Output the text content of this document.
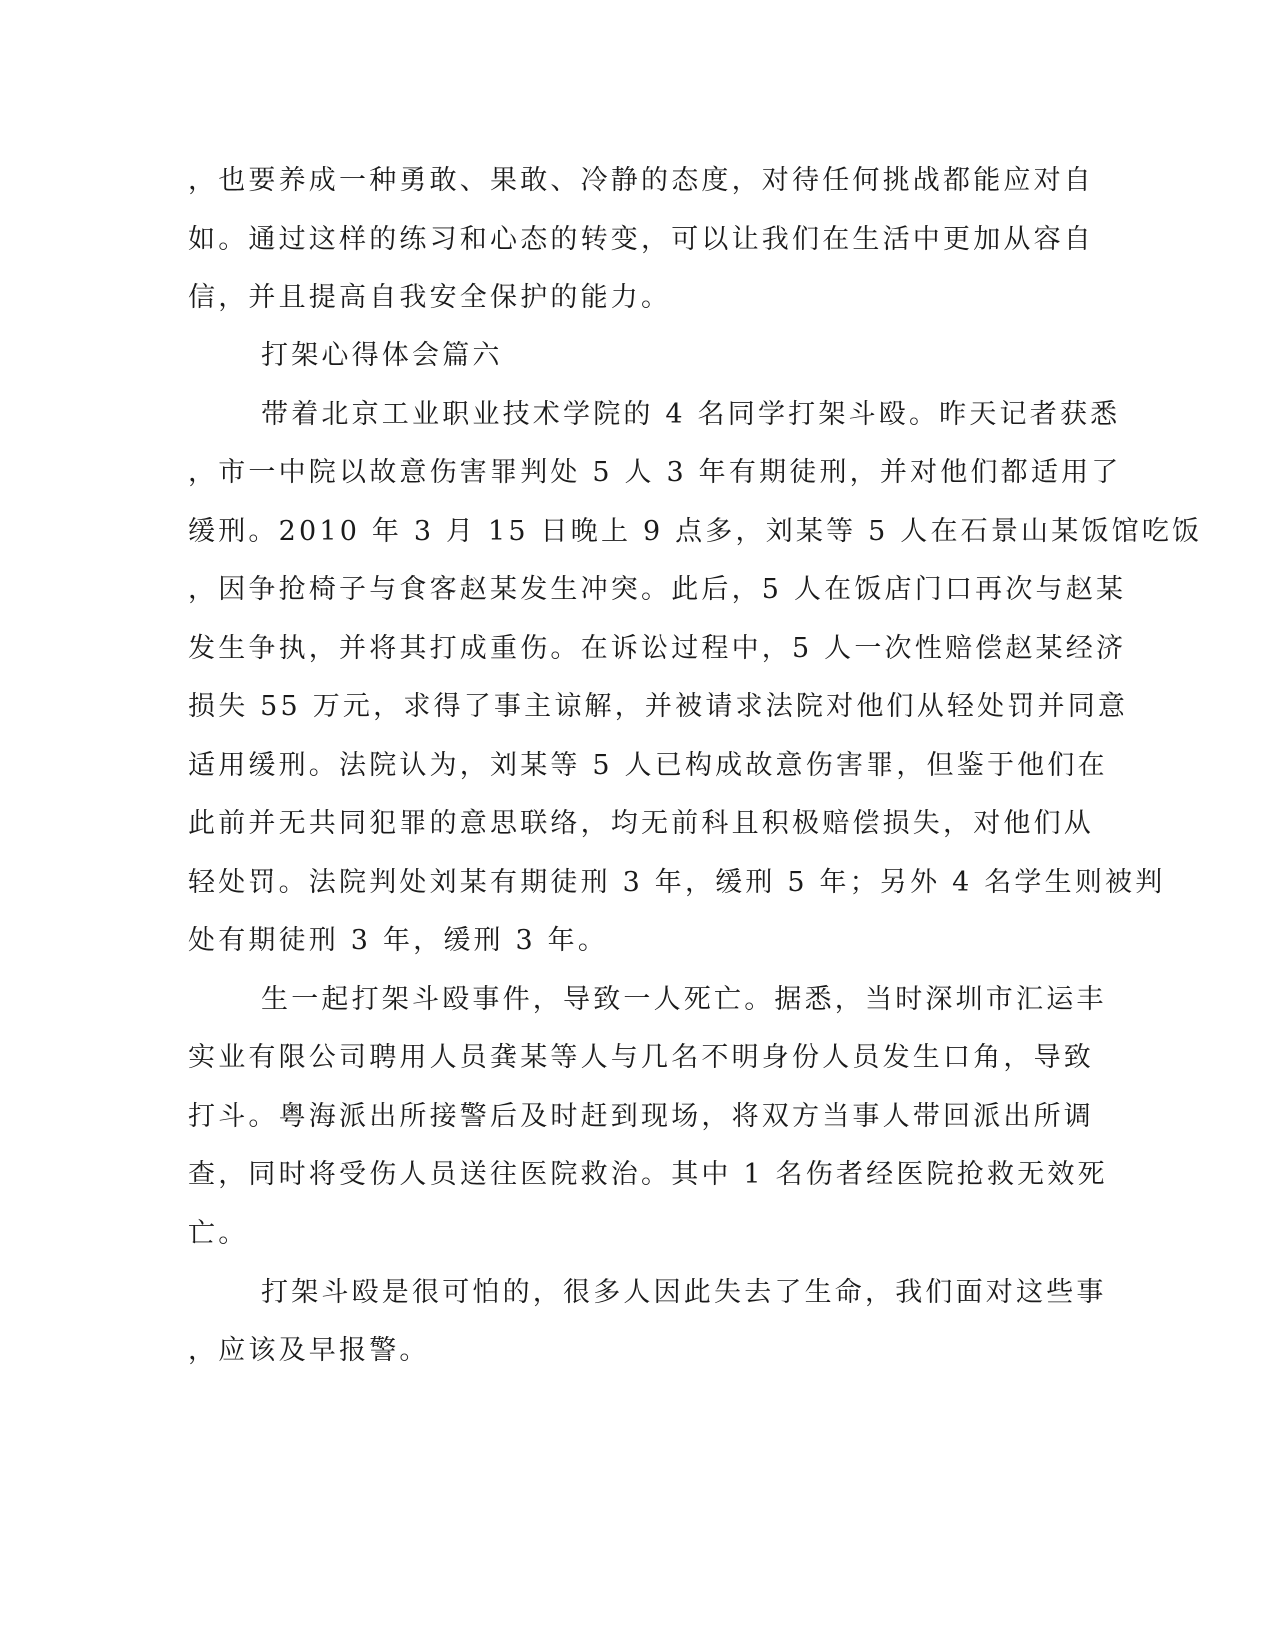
，也要养成一种勇敢、果敢、冷静的态度，对待任何挑战都能应对自
如。通过这样的练习和心态的转变，可以让我们在生活中更加从容自
信，并且提高自我安全保护的能力。
打架心得体会篇六
带着北京工业职业技术学院的 4 名同学打架斗殴。昨天记者获悉
，市一中院以故意伤害罪判处 5 人 3 年有期徒刑，并对他们都适用了
缓刑。2010 年 3 月 15 日晚上 9 点多，刘某等 5 人在石景山某饭馆吃饭
，因争抢椅子与食客赵某发生冲突。此后，5 人在饭店门口再次与赵某
发生争执，并将其打成重伤。在诉讼过程中，5 人一次性赔偿赵某经济
损失 55 万元，求得了事主谅解，并被请求法院对他们从轻处罚并同意
适用缓刑。法院认为，刘某等 5 人已构成故意伤害罪，但鉴于他们在
此前并无共同犯罪的意思联络，均无前科且积极赔偿损失，对他们从
轻处罚。法院判处刘某有期徒刑 3 年，缓刑 5 年；另外 4 名学生则被判
处有期徒刑 3 年，缓刑 3 年。
生一起打架斗殴事件，导致一人死亡。据悉，当时深圳市汇运丰
实业有限公司聘用人员龚某等人与几名不明身份人员发生口角，导致
打斗。粤海派出所接警后及时赶到现场，将双方当事人带回派出所调
查，同时将受伤人员送往医院救治。其中 1 名伤者经医院抢救无效死
亡。
打架斗殴是很可怕的，很多人因此失去了生命，我们面对这些事
，应该及早报警。
